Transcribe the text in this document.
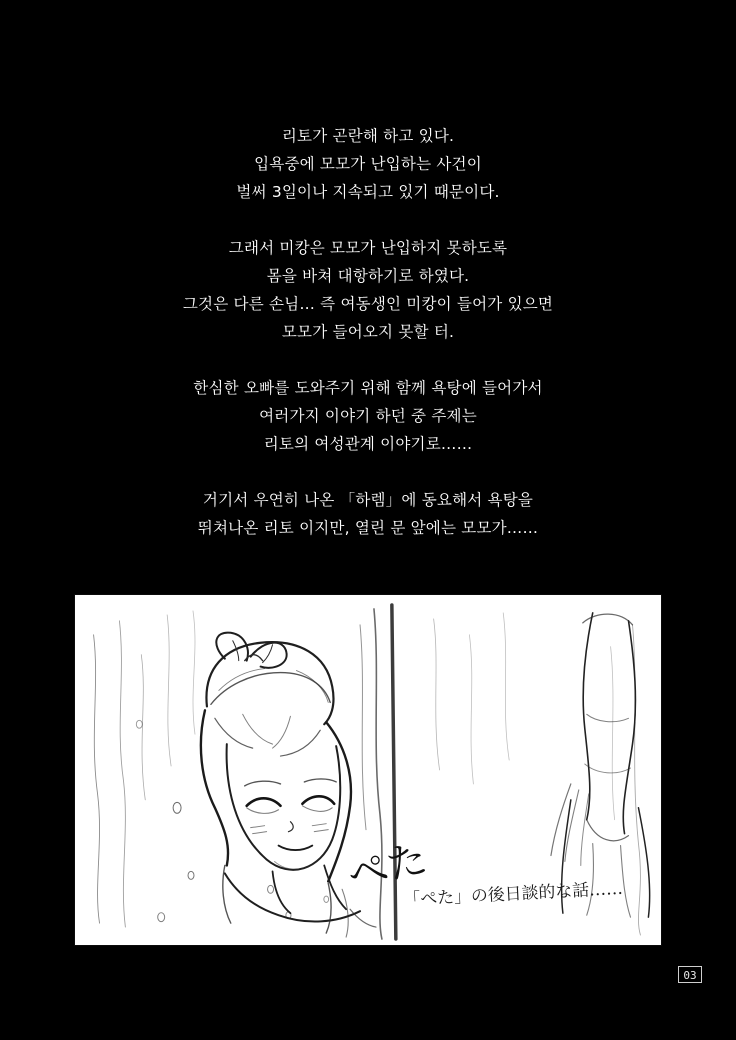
리토가 곤란해 하고 있다.
입욕중에 모모가 난입하는 사건이
벌써 3일이나 지속되고 있기 때문이다.

그래서 미캉은 모모가 난입하지 못하도록
몸을 바쳐 대항하기로 하였다.
그것은 다른 손님… 즉 여동생인 미캉이 들어가 있으면
모모가 들어오지 못할 터.

한심한 오빠를 도와주기 위해 함께 욕탕에 들어가서
여러가지 이야기 하던 중 주제는
리토의 여성관계 이야기로……

거기서 우연히 나온 「하렘」에 동요해서 욕탕을
뛰쳐나온 리토 이지만, 열린 문 앞에는 모모가……

ぺた
「ぺた」の後日談的な話……
03
